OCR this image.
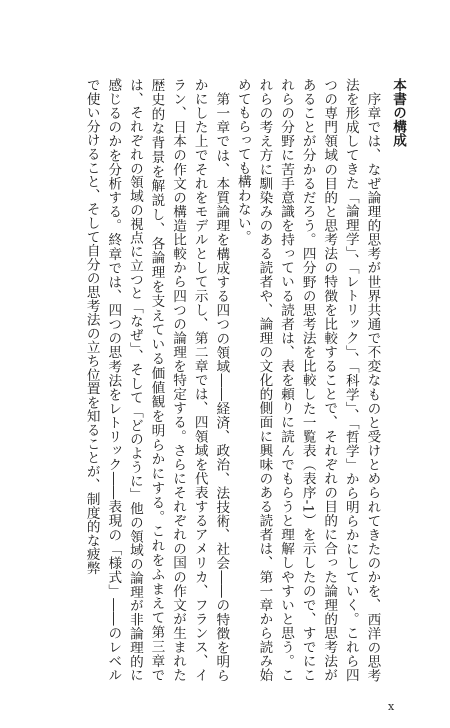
本書の構成

序章では、なぜ論理的思考が世界共通で不変なものと受けとめられてきたのかを、西洋の思考法を形成してきた「論理学」、「レトリック」、「科学」、「哲学」から明らかにしていく。これら四つの専門領域の目的と思考法の特徴を比較することで、それぞれの目的に合った論理的思考法があることが分かるだろう。四分野の思考法を比較した一覧表（表序-1）を示したので、すでにこれらの分野に苦手意識を持っている読者は、表を頼りに読んでもらうと理解しやすいと思う。これらの考え方に馴染みのある読者や、論理の文化的側面に興味のある読者は、第一章から読み始めてもらっても構わない。

第一章では、本質論理を構成する四つの領域――経済、政治、法技術、社会――の特徴を明らかにした上でそれをモデルとして示し、第二章では、四領域を代表するアメリカ、フランス、イラン、日本の作文の構造比較から四つの論理を特定する。さらにそれぞれの国の作文が生まれた歴史的な背景を解説し、各論理を支えている価値観を明らかにする。これをふまえて第三章では、それぞれの領域の視点に立つと「なぜ」、そして「どのように」他の領域の論理が非論理的に感じるのかを分析する。終章では、四つの思考法をレトリック――表現の「様式」――のレベルで使い分けること、そして自分の思考法の立ち位置を知ることが、制度的な疲弊

x
